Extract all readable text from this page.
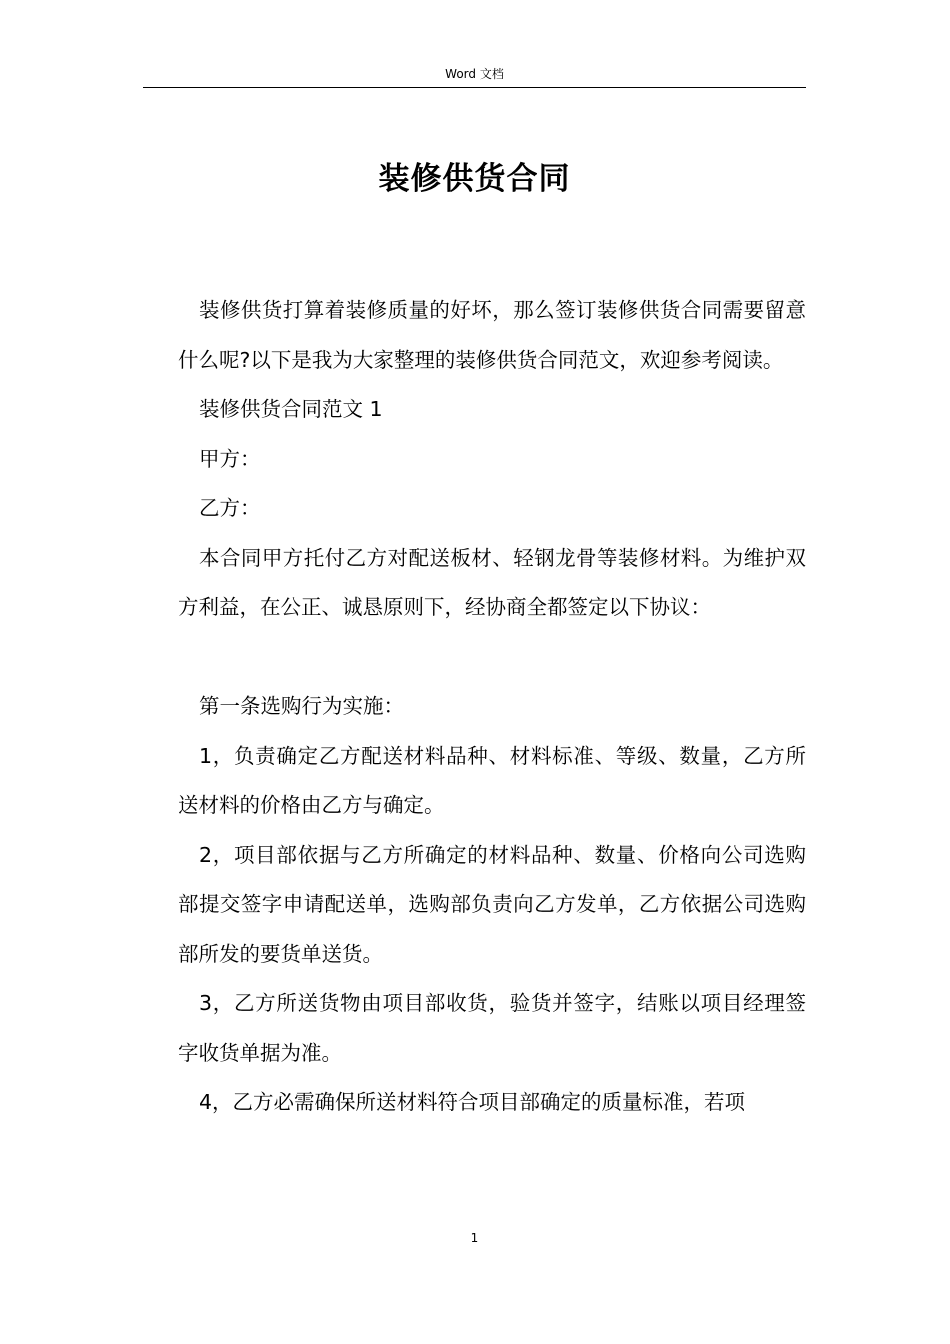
Word 文档
装修供货合同

装修供货打算着装修质量的好坏，那么签订装修供货合同需要留意什么呢?以下是我为大家整理的装修供货合同范文，欢迎参考阅读。

装修供货合同范文 1

甲方：

乙方：

本合同甲方托付乙方对配送板材、轻钢龙骨等装修材料。为维护双方利益，在公正、诚恳原则下，经协商全都签定以下协议：

第一条选购行为实施：

1，负责确定乙方配送材料品种、材料标准、等级、数量，乙方所送材料的价格由乙方与确定。

2，项目部依据与乙方所确定的材料品种、数量、价格向公司选购部提交签字申请配送单，选购部负责向乙方发单，乙方依据公司选购部所发的要货单送货。

3，乙方所送货物由项目部收货，验货并签字，结账以项目经理签字收货单据为准。

4，乙方必需确保所送材料符合项目部确定的质量标准，若项

1
